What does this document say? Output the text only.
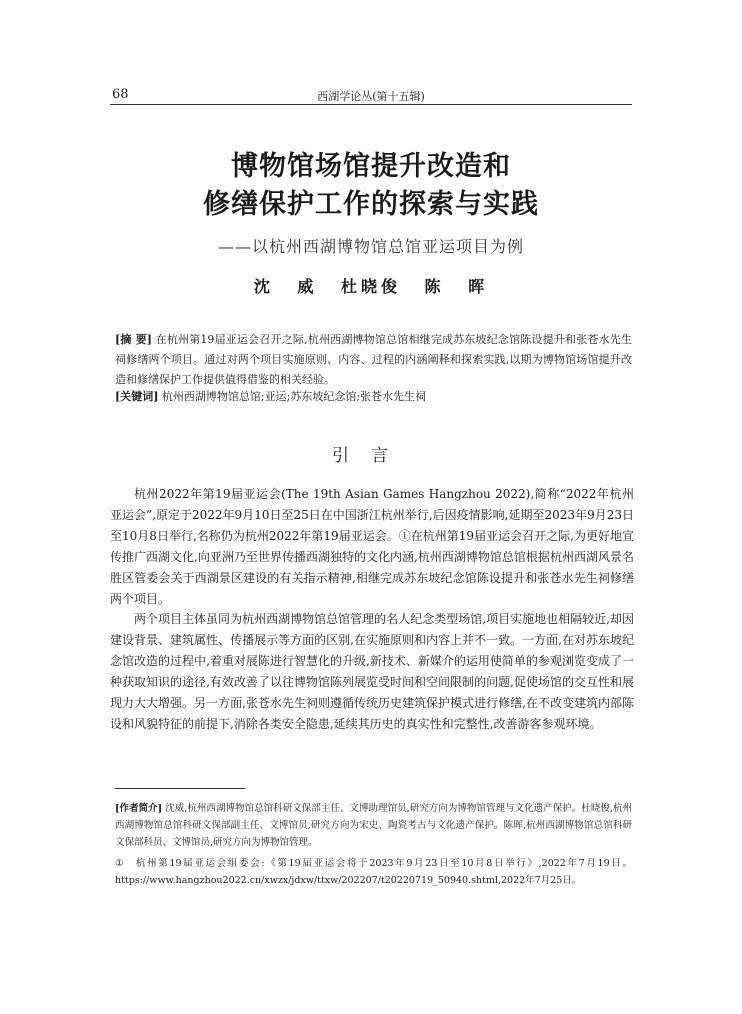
68	西湖学论丛(第十五辑)
博物馆场馆提升改造和
修缮保护工作的探索与实践
——以杭州西湖博物馆总馆亚运项目为例
沈 威 杜晓俊 陈 晖
[摘 要] 在杭州第19届亚运会召开之际,杭州西湖博物馆总馆相继完成苏东坡纪念馆陈设提升和张苍水先生祠修缮两个项目。通过对两个项目实施原则、内容、过程的内涵阐释和探索实践,以期为博物馆场馆提升改造和修缮保护工作提供值得借鉴的相关经验。
[关键词] 杭州西湖博物馆总馆;亚运;苏东坡纪念馆;张苍水先生祠
引言

杭州2022年第19届亚运会(The 19th Asian Games Hangzhou 2022),简称“2022年杭州亚运会”,原定于2022年9月10日至25日在中国浙江杭州举行,后因疫情影响,延期至2023年9月23日至10月8日举行,名称仍为杭州2022年第19届亚运会。①在杭州第19届亚运会召开之际,为更好地宣传推广西湖文化,向亚洲乃至世界传播西湖独特的文化内涵,杭州西湖博物馆总馆根据杭州西湖风景名胜区管委会关于西湖景区建设的有关指示精神,相继完成苏东坡纪念馆陈设提升和张苍水先生祠修缮两个项目。

两个项目主体虽同为杭州西湖博物馆总馆管理的名人纪念类型场馆,项目实施地也相隔较近,却因建设背景、建筑属性、传播展示等方面的区别,在实施原则和内容上并不一致。一方面,在对苏东坡纪念馆改造的过程中,着重对展陈进行智慧化的升级,新技术、新媒介的运用使简单的参观浏览变成了一种获取知识的途径,有效改善了以往博物馆陈列展览受时间和空间限制的问题,促使场馆的交互性和展现力大大增强。另一方面,张苍水先生祠则遵循传统历史建筑保护模式进行修缮,在不改变建筑内部陈设和风貌特征的前提下,消除各类安全隐患,延续其历史的真实性和完整性,改善游客参观环境。

[作者简介] 沈威,杭州西湖博物馆总馆科研文保部主任、文博助理馆员,研究方向为博物馆管理与文化遗产保护。杜晓俊,杭州西湖博物馆总馆科研文保部副主任、文博馆员,研究方向为宋史、陶瓷考古与文化遗产保护。陈晖,杭州西湖博物馆总馆科研文保部科员、文博馆员,研究方向为博物馆管理。

① 杭州第19届亚运会组委会:《第19届亚运会将于2023年9月23日至10月8日举行》,2022年7月19日。https://www.hangzhou2022.cn/xwzx/jdxw/ttxw/202207/t20220719_50940.shtml,2022年7月25日。
